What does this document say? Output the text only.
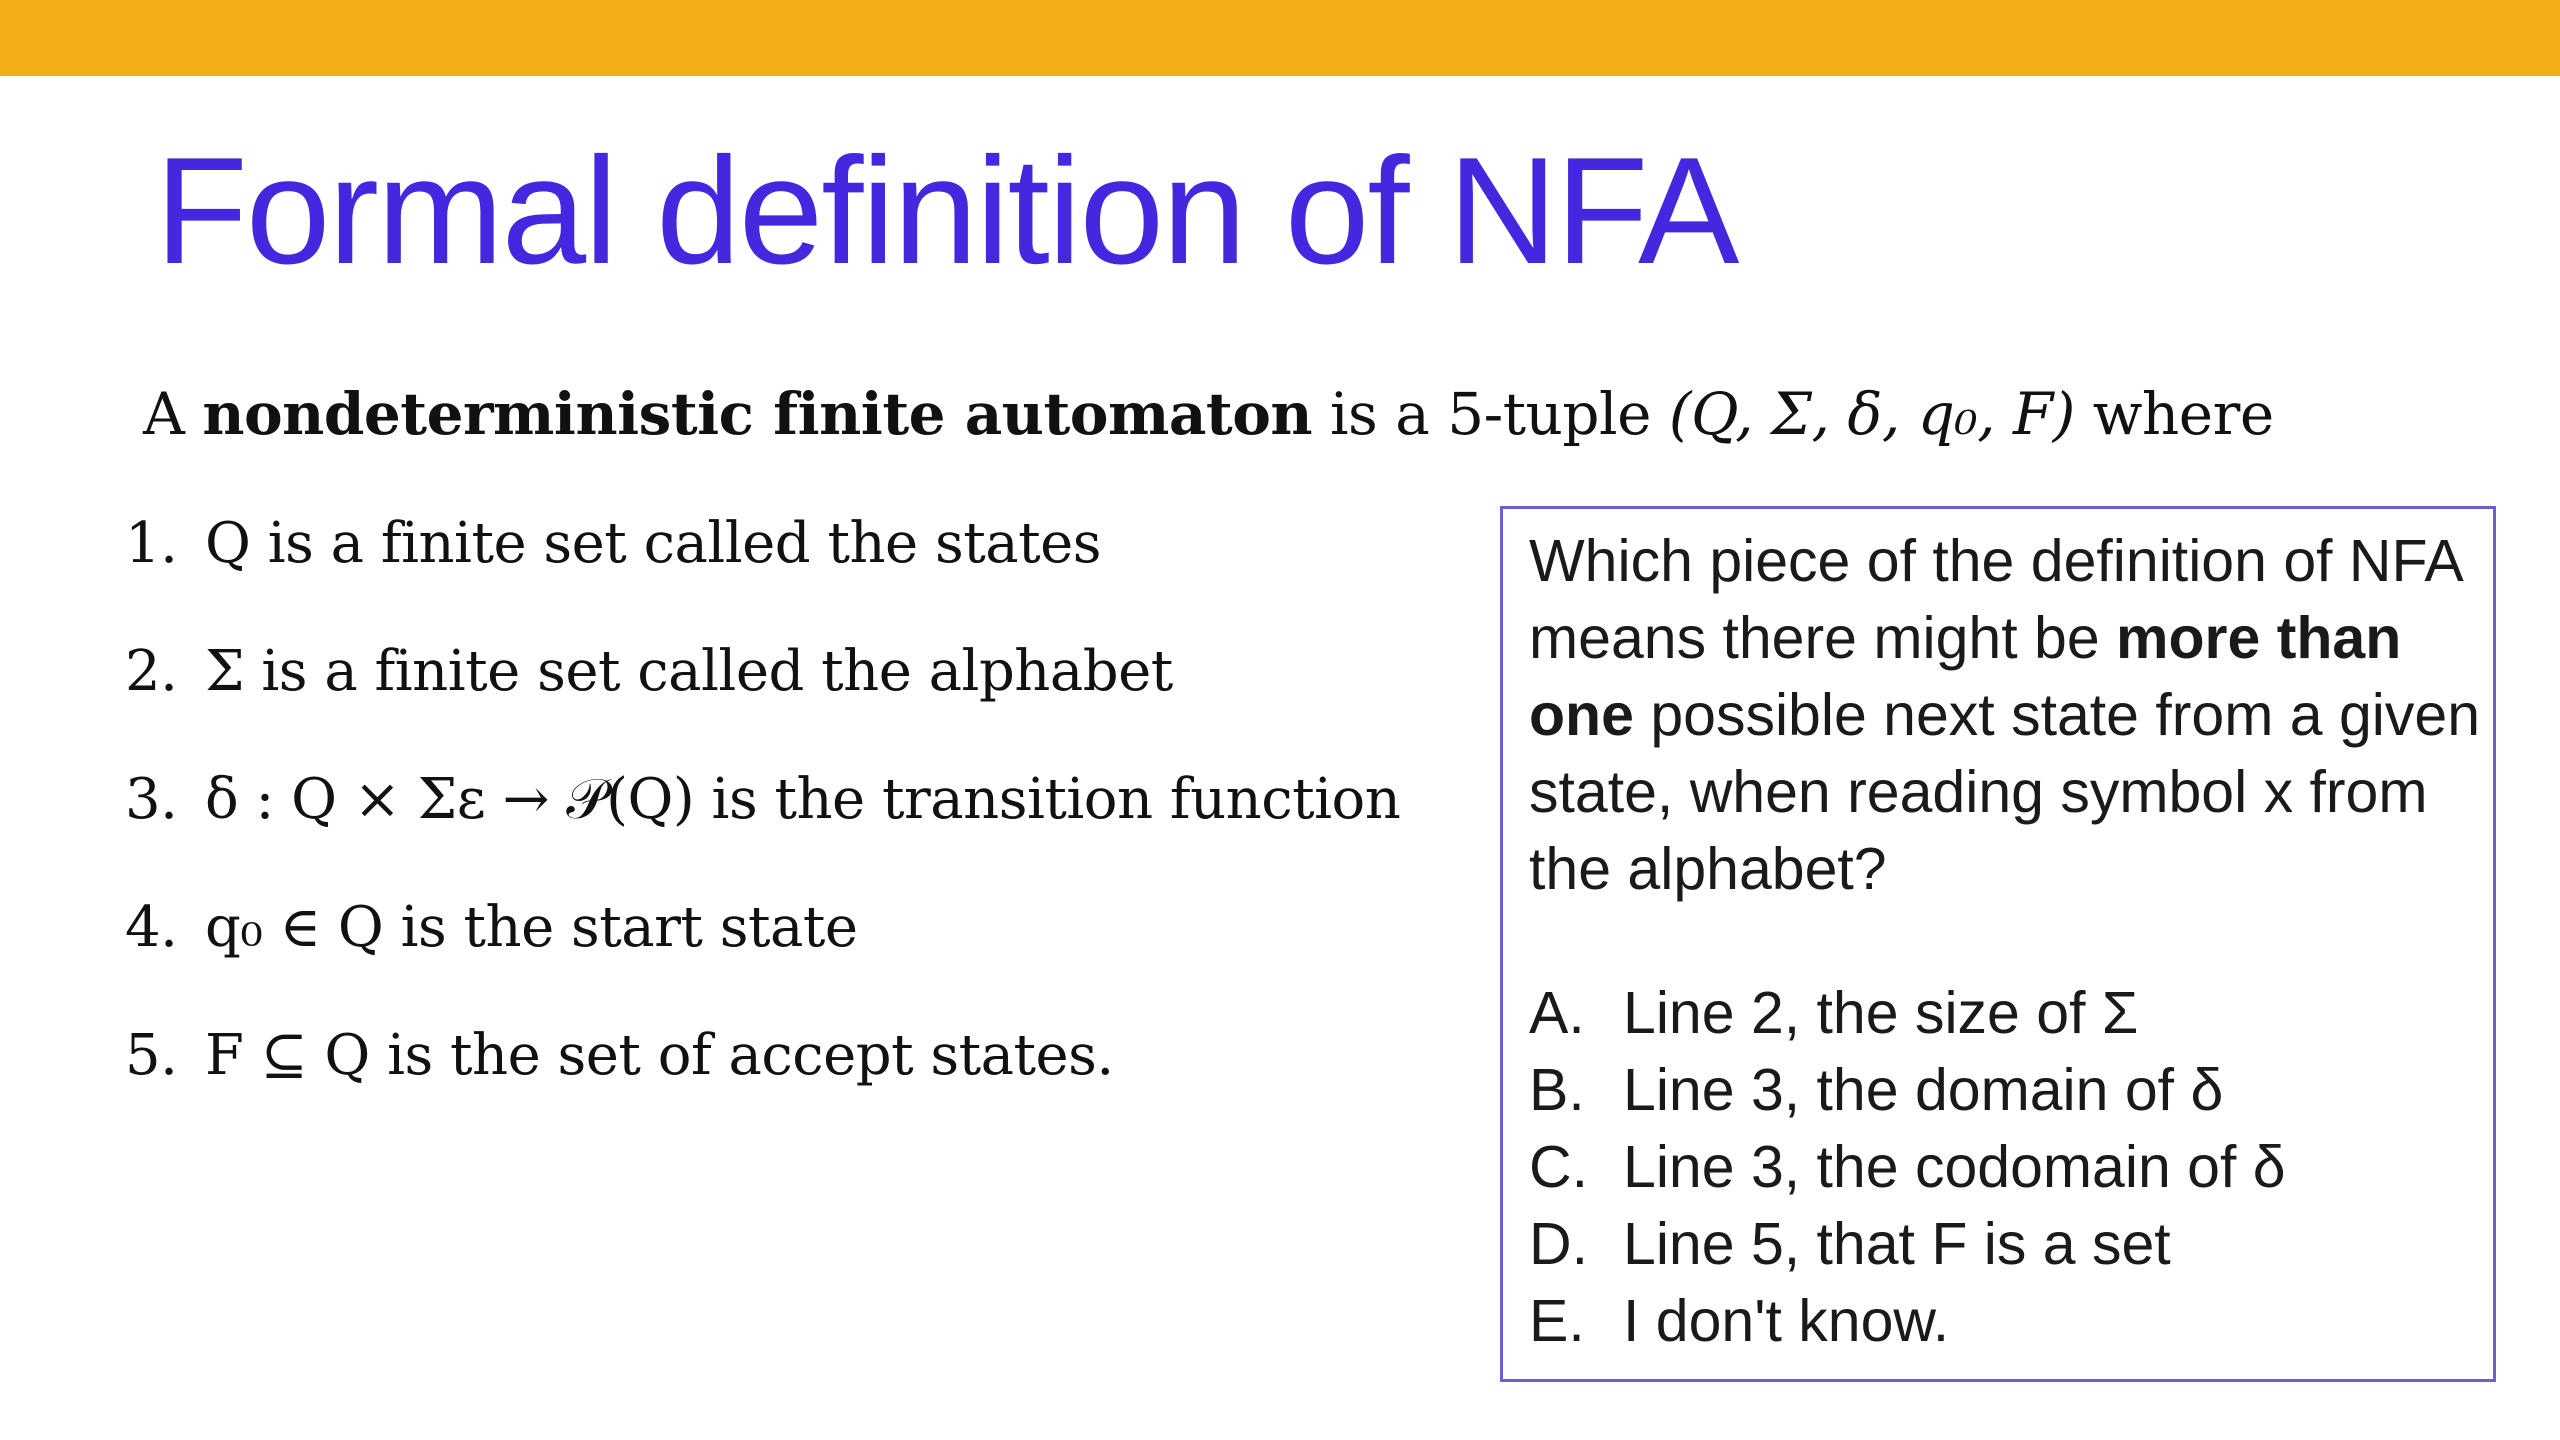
Formal definition of NFA
A nondeterministic finite automaton is a 5-tuple (Q, Σ, δ, q₀, F) where
1. Q is a finite set called the states
2. Σ is a finite set called the alphabet
3. δ : Q × Σε → 𝒫(Q) is the transition function
4. q₀ ∈ Q is the start state
5. F ⊆ Q is the set of accept states.

Which piece of the definition of NFA means there might be more than one possible next state from a given state, when reading symbol x from the alphabet?

A. Line 2, the size of Σ
B. Line 3, the domain of δ
C. Line 3, the codomain of δ
D. Line 5, that F is a set
E. I don't know.
